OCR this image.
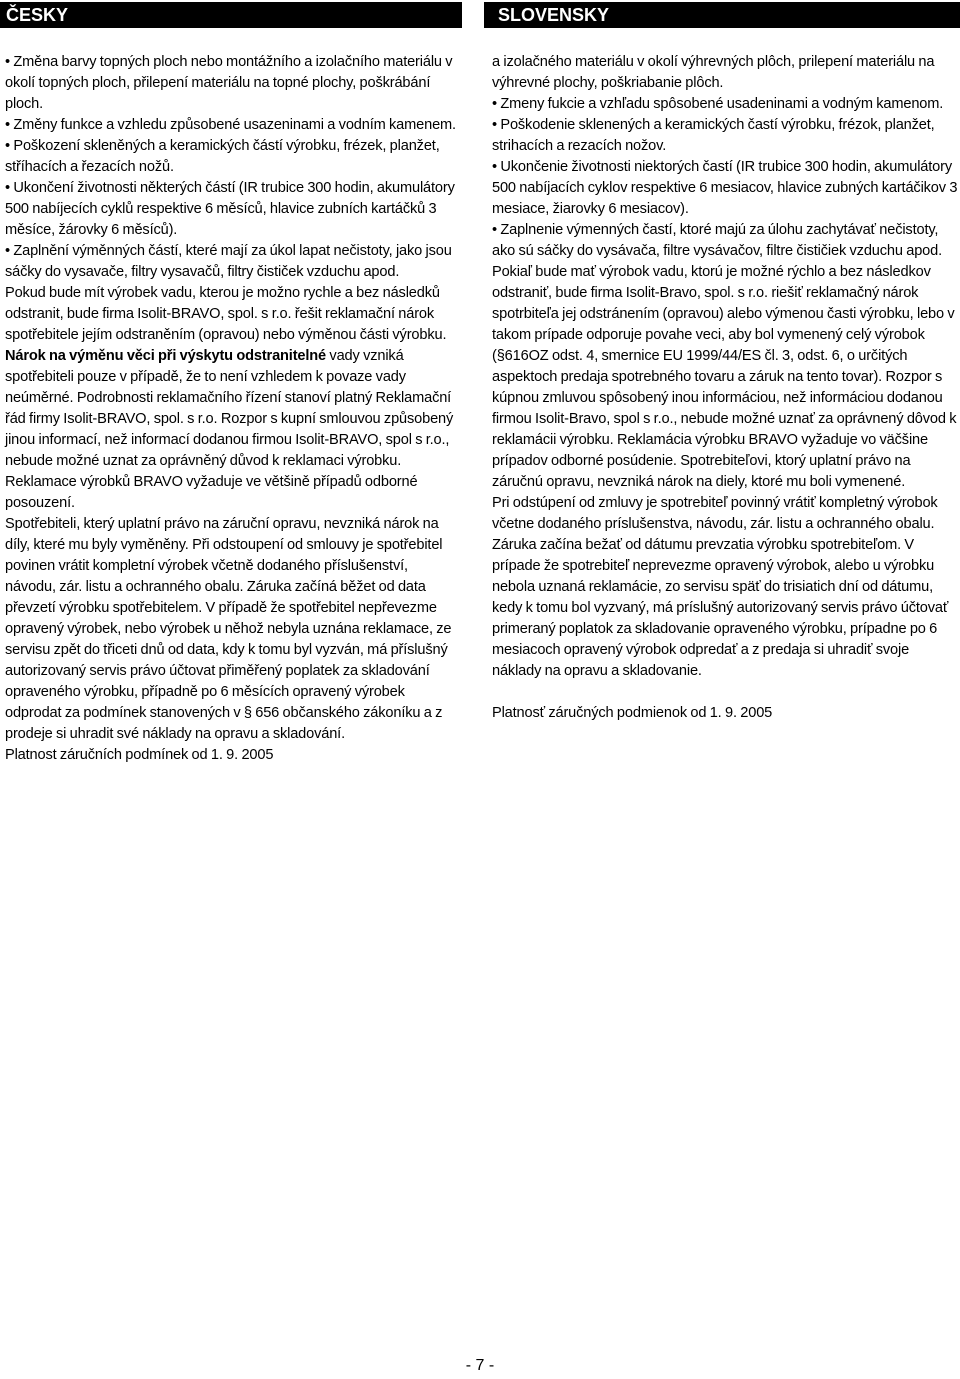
ČESKY

• Změna barvy topných ploch nebo montážního a izolačního materiálu v okolí topných ploch, přilepení materiálu na topné plochy, poškrábání ploch.

• Změny funkce a vzhledu způsobené usazeninami a vodním kamenem.

• Poškození skleněných a keramických částí výrobku, frézek, planžet, stříhacích a řezacích nožů.

• Ukončení životnosti některých částí (IR trubice 300 hodin, akumulátory 500 nabíjecích cyklů respektive 6 měsíců, hlavice zubních kartáčků 3 měsíce, žárovky 6 měsíců).

• Zaplnění výměnných částí, které mají za úkol lapat nečistoty, jako jsou sáčky do vysavače, filtry vysavačů, filtry čističek vzduchu apod.

Pokud bude mít výrobek vadu, kterou je možno rychle a bez následků odstranit, bude firma Isolit-BRAVO, spol. s r.o. řešit reklamační nárok spotřebitele jejím odstraněním (opravou) nebo výměnou části výrobku. Nárok na výměnu věci při výskytu odstranitelné vady vzniká spotřebiteli pouze v případě, že to není vzhledem k povaze vady neúměrné. Podrobnosti reklamačního řízení stanoví platný Reklamační řád firmy Isolit-BRAVO, spol. s r.o. Rozpor s kupní smlouvou způsobený jinou informací, než informací dodanou firmou Isolit-BRAVO, spol s r.o., nebude možné uznat za oprávněný důvod k reklamaci výrobku. Reklamace výrobků BRAVO vyžaduje ve většině případů odborné posouzení.

Spotřebiteli, který uplatní právo na záruční opravu, nevzniká nárok na díly, které mu byly vyměněny. Při odstoupení od smlouvy je spotřebitel povinen vrátit kompletní výrobek včetně dodaného příslušenství, návodu, zár. listu a ochranného obalu. Záruka začíná běžet od data převzetí výrobku spotřebitelem. V případě že spotřebitel nepřevezme opravený výrobek, nebo výrobek u něhož nebyla uznána reklamace, ze servisu zpět do třiceti dnů od data, kdy k tomu byl vyzván, má příslušný autorizovaný servis právo účtovat přiměřený poplatek za skladování opraveného výrobku, případně po 6 měsících opravený výrobek odprodat za podmínek stanovených v § 656 občanského zákoníku a z prodeje si uhradit své náklady na opravu a skladování.

Platnost záručních podmínek od 1. 9. 2005

SLOVENSKY

a izolačného materiálu v okolí výhrevných plôch, prilepení materiálu na výhrevné plochy, poškriabanie plôch.

• Zmeny fukcie a vzhľadu spôsobené usadeninami a vodným kamenom.

• Poškodenie sklenených a keramických častí výrobku, frézok, planžet, strihacích a rezacích nožov.

• Ukončenie životnosti niektorých častí (IR trubice 300 hodin, akumulátory 500 nabíjacích cyklov respektive 6 mesiacov, hlavice zubných kartáčikov 3 mesiace, žiarovky 6 mesiacov).

• Zaplnenie výmenných častí, ktoré majú za úlohu zachytávať nečistoty, ako sú sáčky do vysávača, filtre vysávačov, filtre čističiek vzduchu apod. Pokiaľ bude mať výrobok vadu, ktorú je možné rýchlo a bez následkov odstraniť, bude firma Isolit-Bravo, spol. s r.o. riešiť reklamačný nárok spotrbiteľa jej odstránením (opravou) alebo výmenou časti výrobku, lebo v takom prípade odporuje povahe veci, aby bol vymenený celý výrobok (§616OZ odst. 4, smernice EU 1999/44/ES čl. 3, odst. 6, o určitých aspektoch predaja spotrebného tovaru a záruk na tento tovar). Rozpor s kúpnou zmluvou spôsobený inou informáciou, než informáciou dodanou firmou Isolit-Bravo, spol s r.o., nebude možné uznať za oprávnený dôvod k reklamácii výrobku. Reklamácia výrobku BRAVO vyžaduje vo väčšine prípadov odborné posúdenie. Spotrebiteľovi, ktorý uplatní právo na záručnú opravu, nevzniká nárok na diely, ktoré mu boli vymenené.

Pri odstúpení od zmluvy je spotrebiteľ povinný vrátiť kompletný výrobok včetne dodaného príslušenstva, návodu, zár. listu a ochranného obalu. Záruka začína bežať od dátumu prevzatia výrobku spotrebiteľom. V prípade že spotrebiteľ neprevezme opravený výrobok, alebo u výrobku nebola uznaná reklamácie, zo servisu späť do trisiatich dní od dátumu, kedy k tomu bol vyzvaný, má príslušný autorizovaný servis právo účtovať primeraný poplatok za skladovanie opraveného výrobku, prípadne po 6 mesiacoch opravený výrobok odpredať a z predaja si uhradiť svoje náklady na opravu a skladovanie.

Platnosť záručných podmienok od 1. 9. 2005

- 7 -
